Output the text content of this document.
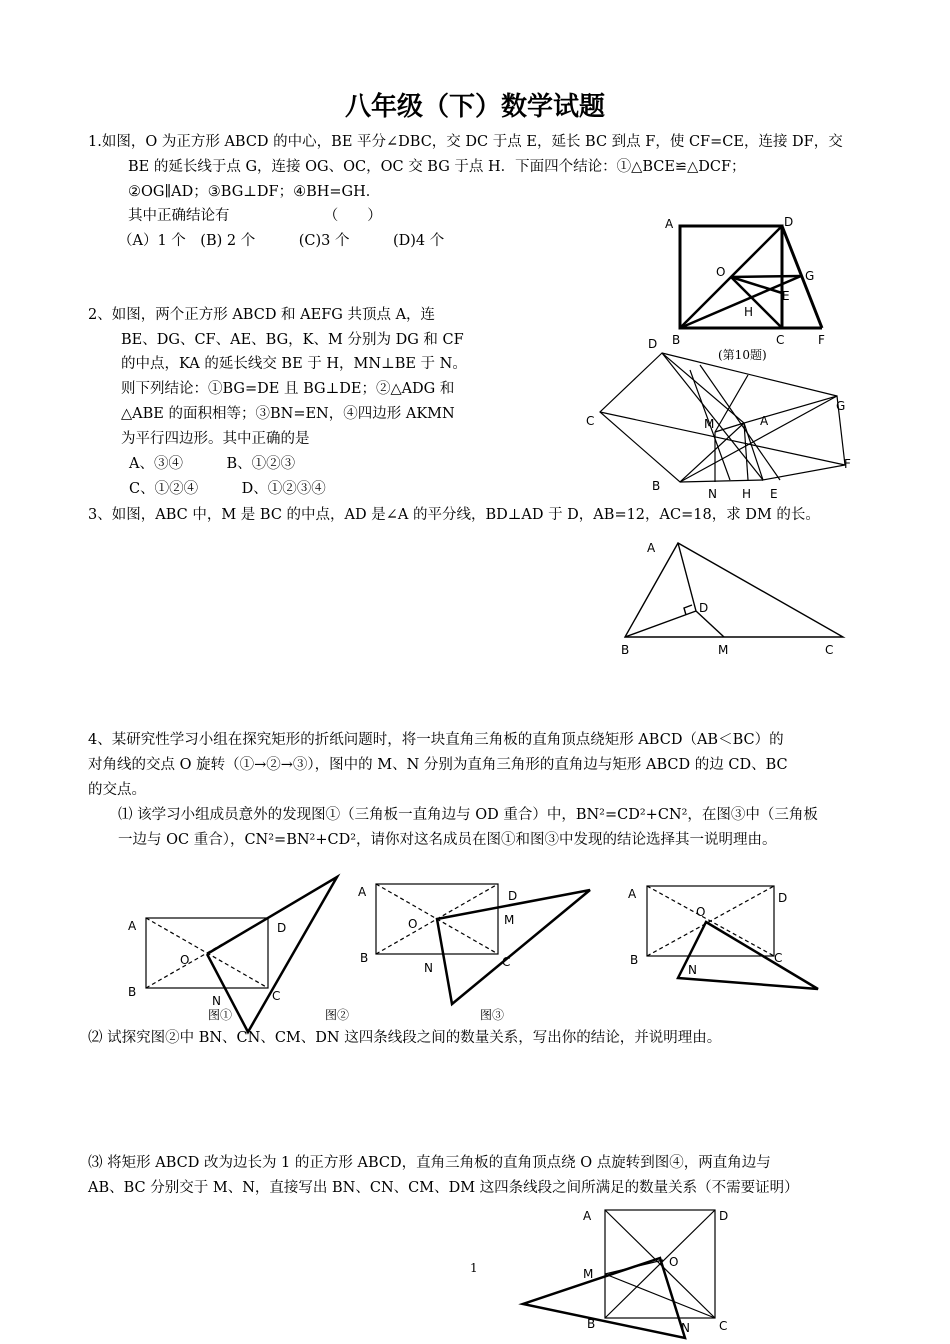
八年级（下）数学试题
1.如图，O 为正方形 ABCD 的中心，BE 平分∠DBC，交 DC 于点 E，延长 BC 到点 F，使 CF=CE，连接 DF，交
BE 的延长线于点 G，连接 OG、OC，OC 交 BG 于点 H．下面四个结论：①△BCE≌△DCF；
②OG∥AD；③BG⊥DF；④BH=GH．
其中正确结论有　　　　　　　（　　）
（A）1 个　(B) 2 个　　　(C)3 个　　　(D)4 个
A	D
O	G
E
H
B	C	F
(第10题)
2、如图，两个正方形 ABCD 和 AEFG 共顶点 A，连
BE、DG、CF、AE、BG，K、M 分别为 DG 和 CF
的中点，KA 的延长线交 BE 于 H，MN⊥BE 于 N。
则下列结论：①BG=DE 且 BG⊥DE；②△ADG 和
△ABE 的面积相等；③BN=EN，④四边形 AKMN
为平行四边形。其中正确的是
A、③④　　　B、①②③
C、①②④　　　D、①②③④
D
C	M	A
G
F
B
N H E
3、如图，ABC 中，M 是 BC 的中点，AD 是∠A 的平分线，BD⊥AD 于 D，AB=12，AC=18，求 DM 的长。
A
D
B	M	C
4、某研究性学习小组在探究矩形的折纸问题时，将一块直角三角板的直角顶点绕矩形 ABCD（AB＜BC）的
对角线的交点 O 旋转（①→②→③），图中的 M、N 分别为直角三角形的直角边与矩形 ABCD 的边 CD、BC
的交点。
⑴ 该学习小组成员意外的发现图①（三角板一直角边与 OD 重合）中，BN²=CD²+CN²，在图③中（三角板
一边与 OC 重合），CN²=BN²+CD²，请你对这名成员在图①和图③中发现的结论选择其一说明理由。
A	D
O
B	C
N
A	D
O	M
B	C
N
A	D
O
B	C
N
图①	图②	图③
⑵ 试探究图②中 BN、CN、CM、DN 这四条线段之间的数量关系，写出你的结论，并说明理由。
⑶ 将矩形 ABCD 改为边长为 1 的正方形 ABCD，直角三角板的直角顶点绕 O 点旋转到图④，两直角边与
AB、BC 分别交于 M、N，直接写出 BN、CN、CM、DM 这四条线段之间所满足的数量关系（不需要证明）
A	D
O
M
B	C
N
1
